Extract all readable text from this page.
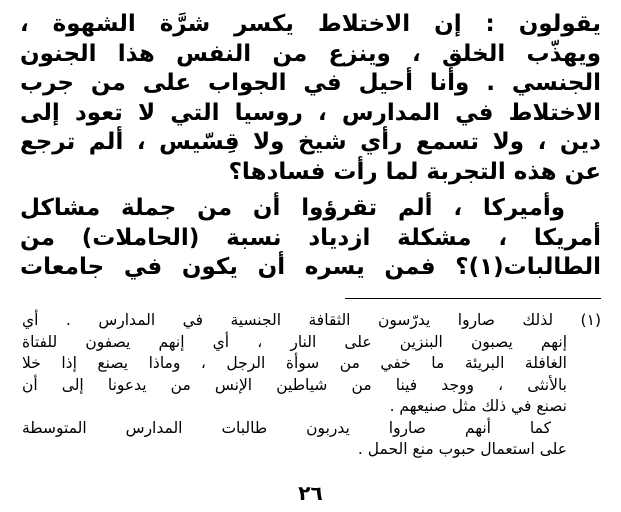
يقولون : إن الاختلاط يكسر شرَّة الشهوة ،
ويهذّب الخلق ، وينزع من النفس هذا الجنون
الجنسي . وأنا أحيل في الجواب على من جرب
الاختلاط في المدارس ، روسيا التي لا تعود إلى
دين ، ولا تسمع رأي شيخ ولا قِسّيس ، ألم ترجع
عن هذه التجربة لما رأت فسادها؟
وأميركا ، ألم تقرؤوا أن من جملة مشاكل
أمريكا ، مشكلة ازدياد نسبة (الحاملات) من
الطالبات(١)؟ فمن يسره أن يكون في جامعات
(١) لذلك صاروا يدرّسون الثقافة الجنسية في المدارس . أي
إنهم يصبون البنزين على النار ، أي إنهم يصفون للفتاة
الغافلة البريئة ما خفي من سوأة الرجل ، وماذا يصنع إذا خلا
بالأنثى ، ووجد فينا من شياطين الإنس من يدعونا إلى أن
نصنع في ذلك مثل صنيعهم .
كما أنهم صاروا يدربون طالبات المدارس المتوسطة
على استعمال حبوب منع الحمل .
٢٦
